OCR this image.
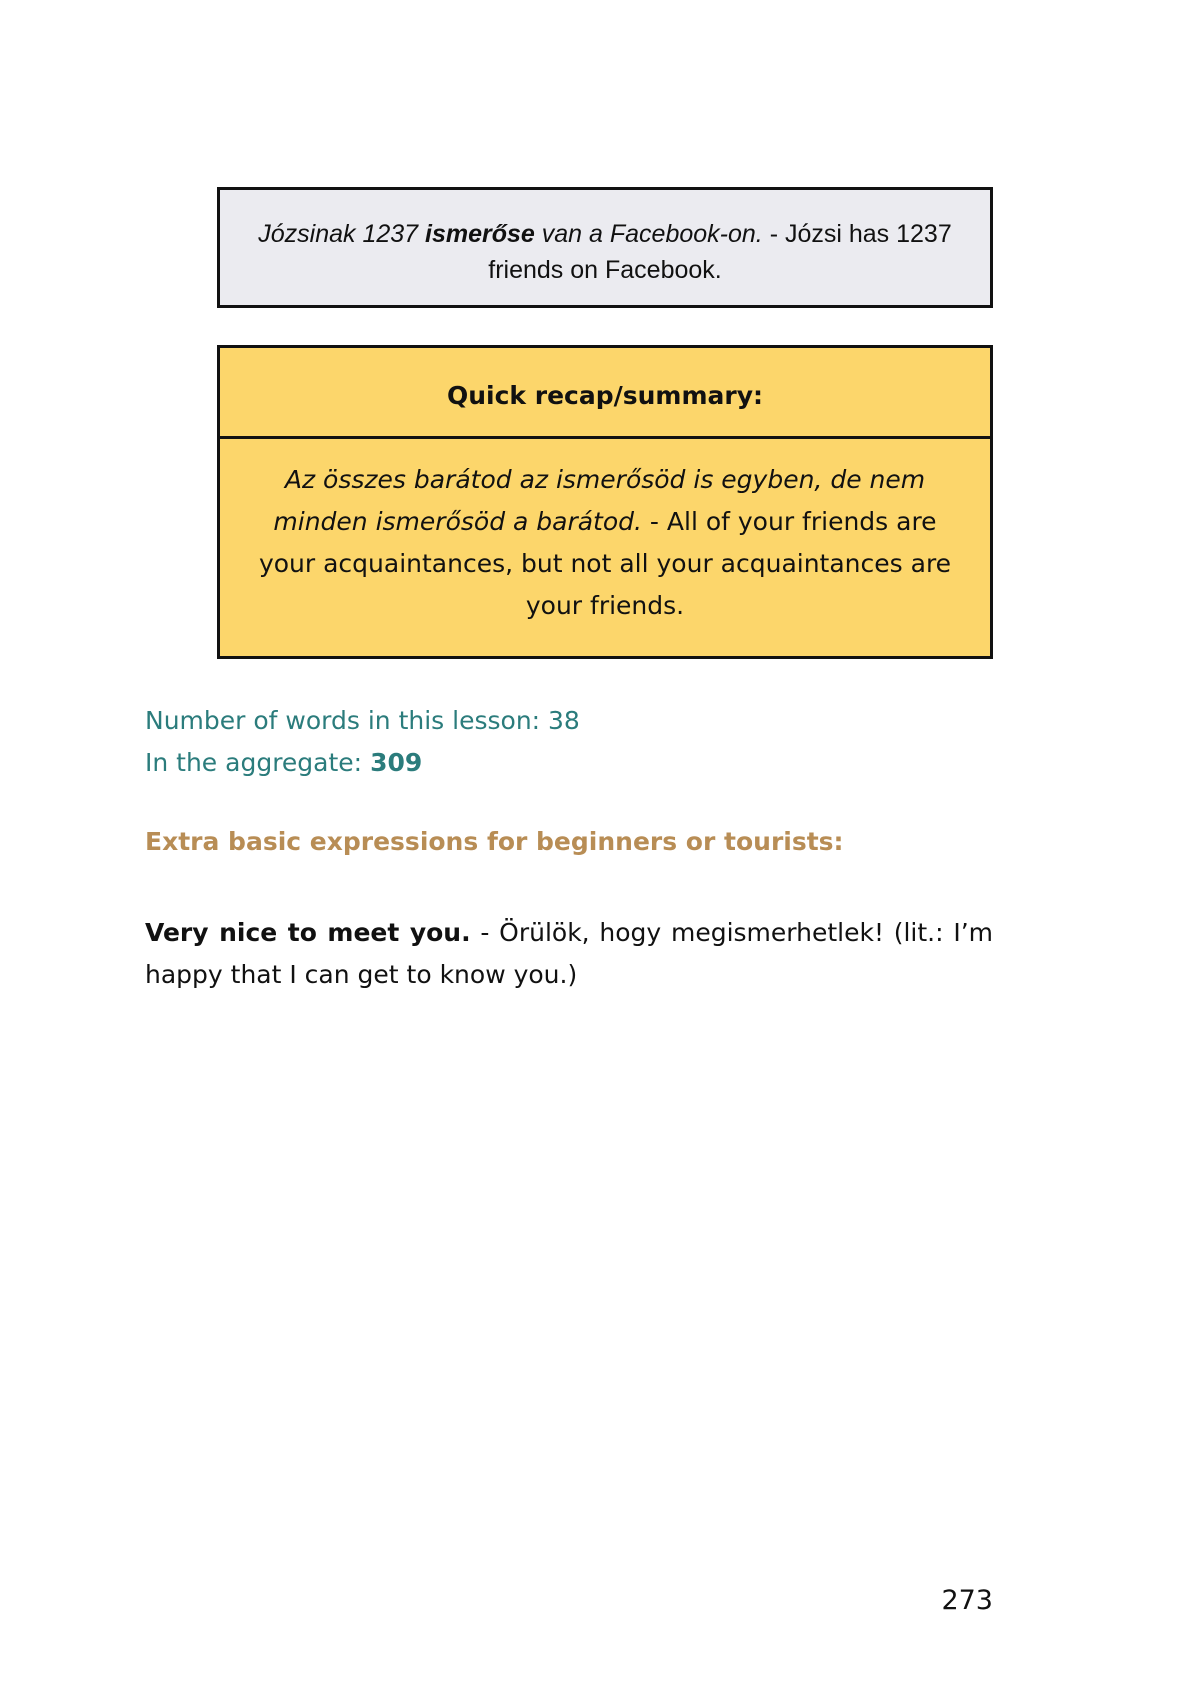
Józsinak 1237 ismerőse van a Facebook-on. - Józsi has 1237 friends on Facebook.
Quick recap/summary:
Az összes barátod az ismerősöd is egyben, de nem minden ismerősöd a barátod. - All of your friends are your acquaintances, but not all your acquaintances are your friends.
Number of words in this lesson: 38
In the aggregate: 309
Extra basic expressions for beginners or tourists:
Very nice to meet you. - Örülök, hogy megismerhetlek! (lit.: I’m happy that I can get to know you.)
273
